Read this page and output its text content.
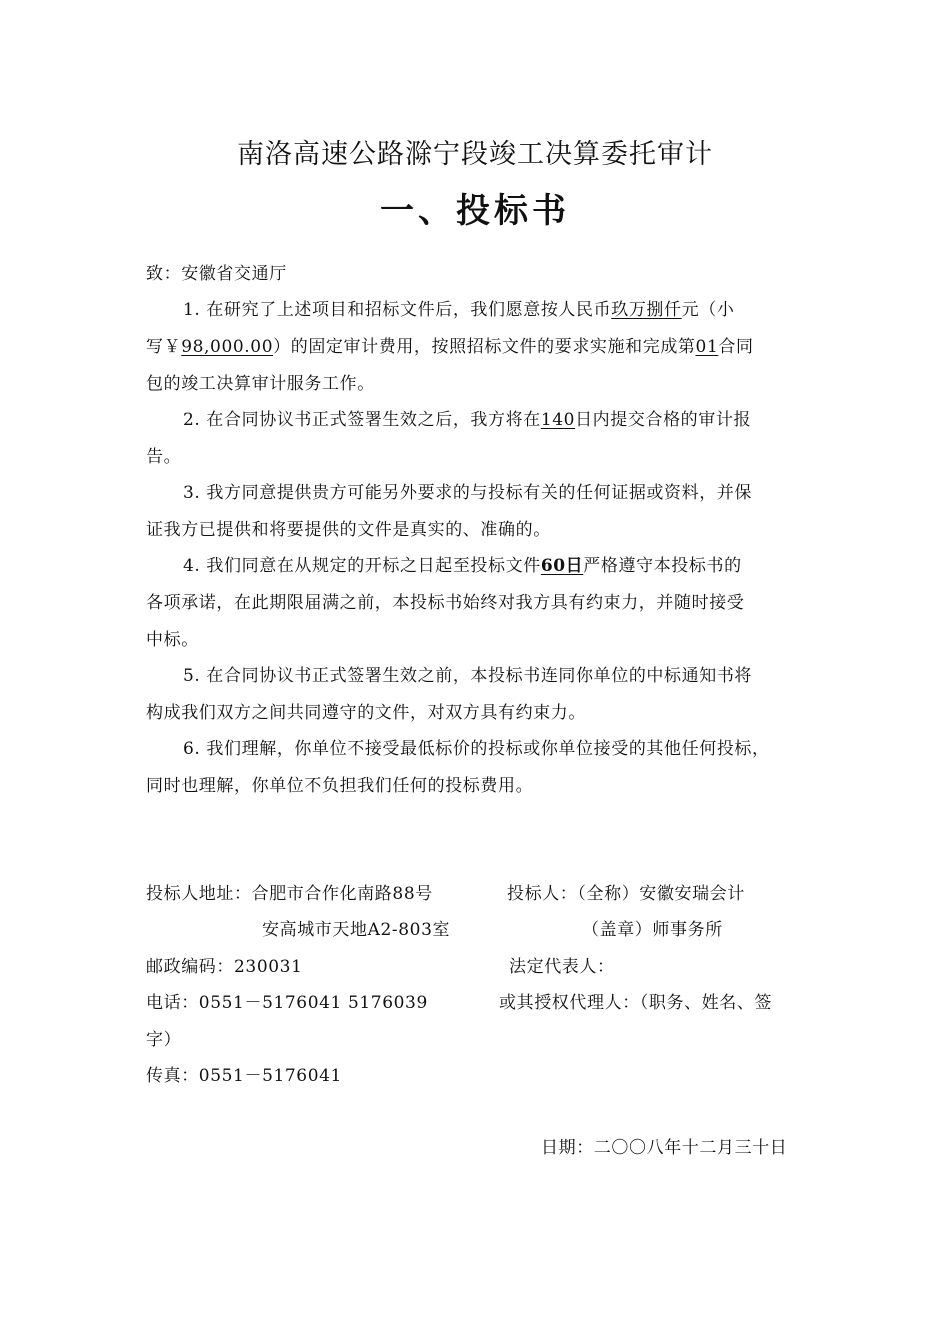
南洛高速公路滁宁段竣工决算委托审计
一、投标书
致：安徽省交通厅
1. 在研究了上述项目和招标文件后，我们愿意按人民币玖万捌仟元（小
写￥98,000.00）的固定审计费用，按照招标文件的要求实施和完成第01合同
包的竣工决算审计服务工作。
2. 在合同协议书正式签署生效之后，我方将在140日内提交合格的审计报
告。
3. 我方同意提供贵方可能另外要求的与投标有关的任何证据或资料，并保
证我方已提供和将要提供的文件是真实的、准确的。
4. 我们同意在从规定的开标之日起至投标文件60日严格遵守本投标书的
各项承诺，在此期限届满之前，本投标书始终对我方具有约束力，并随时接受
中标。
5. 在合同协议书正式签署生效之前，本投标书连同你单位的中标通知书将
构成我们双方之间共同遵守的文件，对双方具有约束力。
6. 我们理解，你单位不接受最低标价的投标或你单位接受的其他任何投标，
同时也理解，你单位不负担我们任何的投标费用。
投标人地址：合肥市合作化南路88号	投标人：（全称）安徽安瑞会计
安高城市天地A2-803室	（盖章）师事务所
邮政编码：230031	法定代表人：
电话：0551－5176041 5176039	或其授权代理人：（职务、姓名、签
字）
传真：0551－5176041
日期：二〇〇八年十二月三十日
